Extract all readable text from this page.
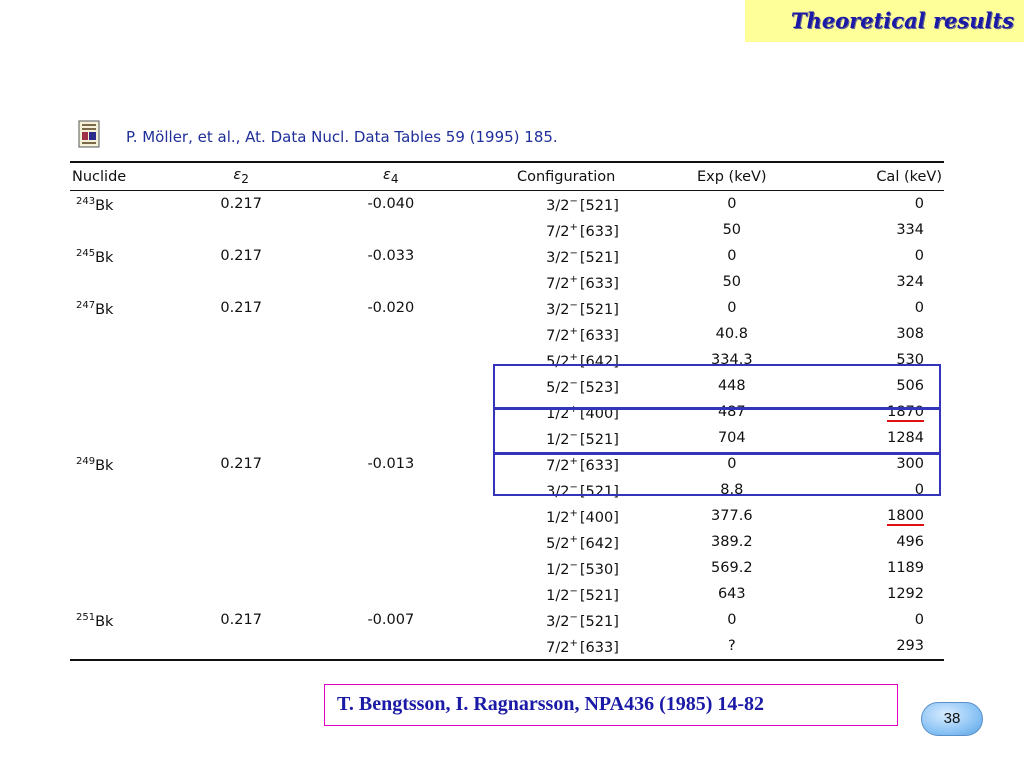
Theoretical results
P. Möller, et al., At. Data Nucl. Data Tables 59 (1995) 185.
Nuclide	$\varepsilon_2$	$\varepsilon_4$	Configuration	Exp (keV)	Cal (keV)
$^{243}$Bk	0.217	-0.040	3/2− [521]	0	0
			7/2+ [633]	50	334
$^{245}$Bk	0.217	-0.033	3/2− [521]	0	0
			7/2+ [633]	50	324
$^{247}$Bk	0.217	-0.020	3/2− [521]	0	0
			7/2+ [633]	40.8	308
			5/2+ [642]	334.3	530
			5/2− [523]	448	506
			1/2+ [400]	487	1870
			1/2− [521]	704	1284
$^{249}$Bk	0.217	-0.013	7/2+ [633]	0	300
			3/2− [521]	8.8	0
			1/2+ [400]	377.6	1800
			5/2+ [642]	389.2	496
			1/2− [530]	569.2	1189
			1/2− [521]	643	1292
$^{251}$Bk	0.217	-0.007	3/2− [521]	0	0
			7/2+ [633]	?	293
T. Bengtsson, I. Ragnarsson, NPA436 (1985) 14-82
38
